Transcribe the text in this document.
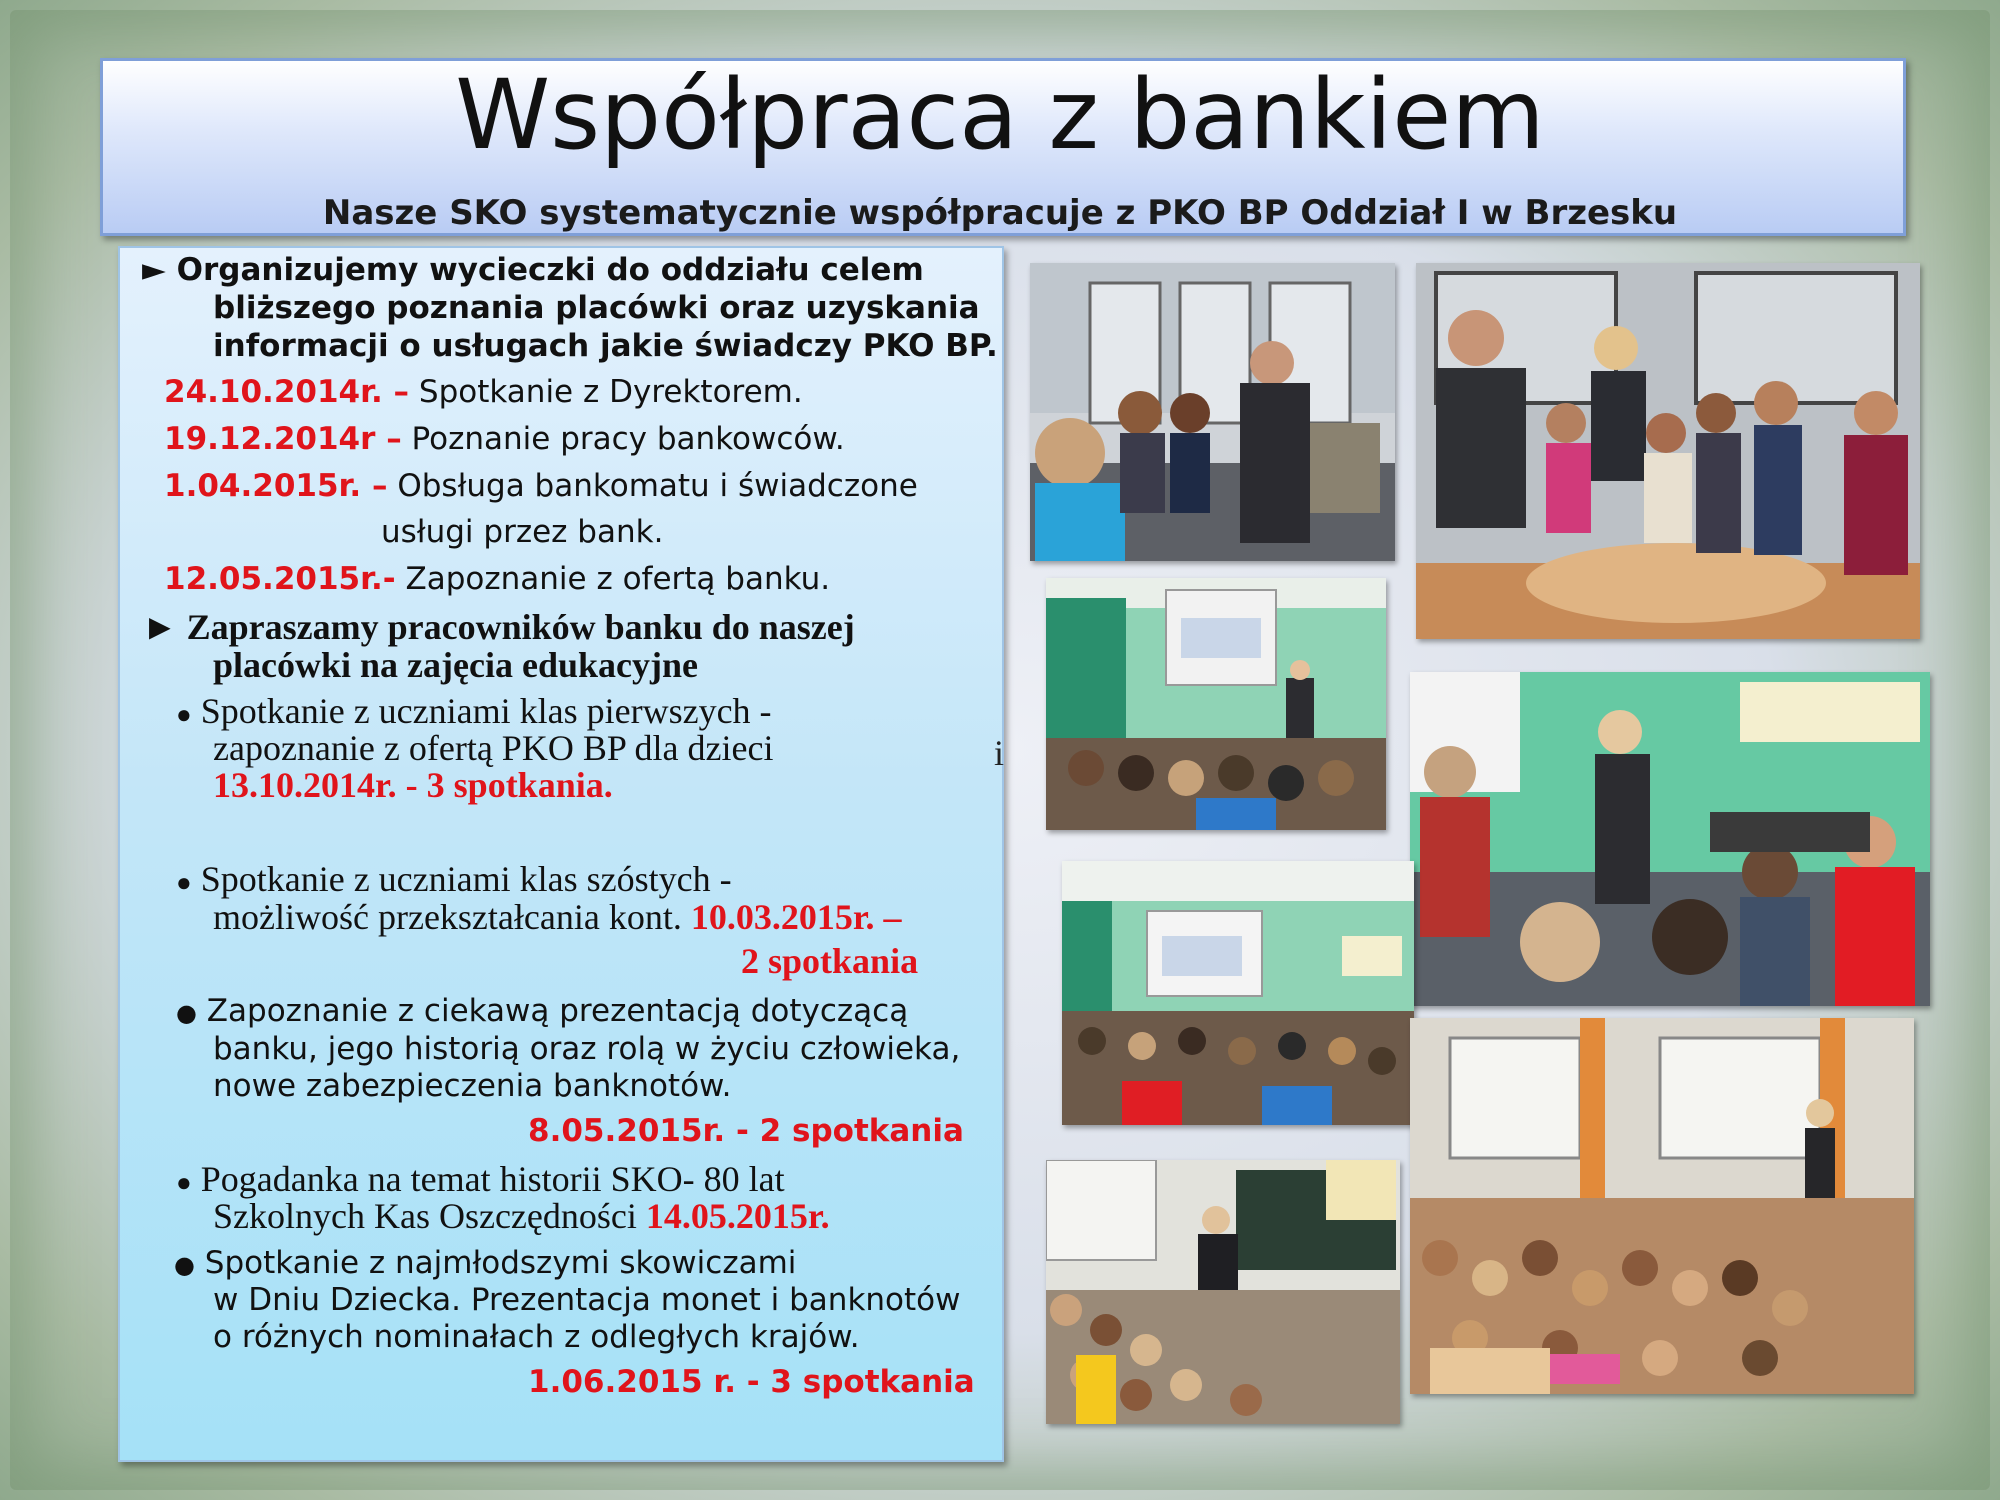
Współpraca z bankiem
Nasze SKO systematycznie współpracuje z PKO BP Oddział I w Brzesku
► Organizujemy wycieczki do oddziału celem
bliższego poznania placówki oraz uzyskania
informacji o usługach jakie świadczy PKO BP.
24.10.2014r. – Spotkanie z Dyrektorem.
19.12.2014r – Poznanie pracy bankowców.
1.04.2015r. – Obsługa bankomatu i świadczone
usługi przez bank.
12.05.2015r.- Zapoznanie z ofertą banku.
► Zapraszamy pracowników banku do naszej
placówki na zajęcia edukacyjne
● Spotkanie z uczniami klas pierwszych -
zapoznanie z ofertą PKO BP dla dzieci
13.10.2014r. - 3 spotkania.
i
● Spotkanie z uczniami klas szóstych -
możliwość przekształcania kont. 10.03.2015r. –
2 spotkania
● Zapoznanie z ciekawą prezentacją dotyczącą
banku, jego historią oraz rolą w życiu człowieka,
nowe zabezpieczenia banknotów.
8.05.2015r. - 2 spotkania
● Pogadanka na temat historii SKO- 80 lat
Szkolnych Kas Oszczędności 14.05.2015r.
● Spotkanie z najmłodszymi skowiczami
w Dniu Dziecka. Prezentacja monet i banknotów
o różnych nominałach z odległych krajów.
1.06.2015 r. - 3 spotkania
